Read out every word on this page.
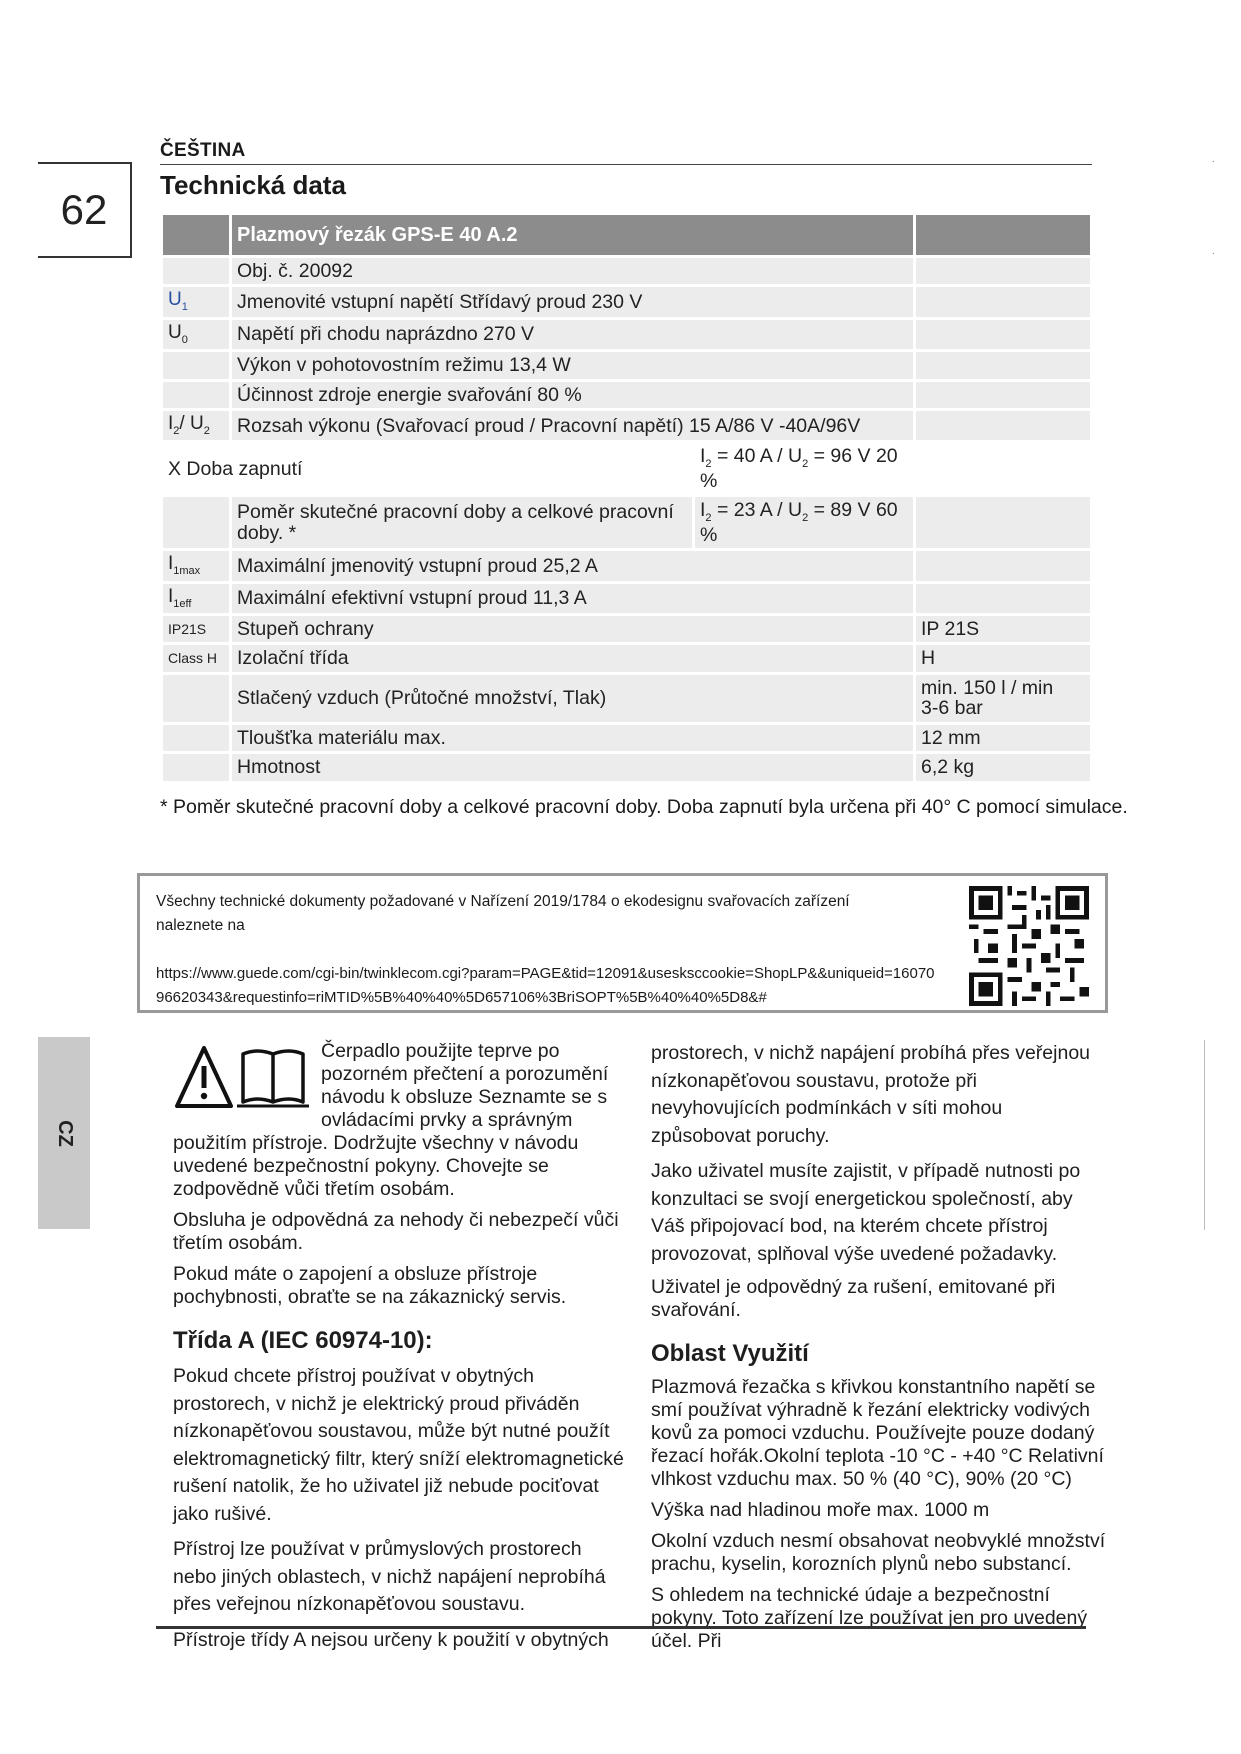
62
·
·
ČEŠTINA
Technická data
	Plazmový řezák GPS-E 40 A.2		
	Obj. č. 20092		
$U_1$	Jmenovité vstupní napětí Střídavý proud 230 V		
$U_0$	Napětí při chodu naprázdno 270 V		
	Výkon v pohotovostním režimu 13,4 W		
	Účinnost zdroje energie svařování 80 %		
$I_2/$ $U_2$	Rozsah výkonu (Svařovací proud / Pracovní napětí) 15 A/86 V -40A/96V		
X Doba zapnutí		$I_2 = 40$ $A / U_2 = 96$ V 20 %	
	Poměr skutečné pracovní doby a celkové pracovní doby. *	$I_2 = 23$ $A / U_2 = 89$ V 60 %	
$I_{1max}$	Maximální jmenovitý vstupní proud 25,2 A		
$I_{1eff}$	Maximální efektivní vstupní proud 11,3 A		
IP21S	Stupeň ochrany		IP 21S
Class H	Izolační třída		H
	Stlačený vzduch (Průtočné množství, Tlak)		min. 150 l / min
3-6 bar

	Tloušťka materiálu max.		12 mm
	Hmotnost		6,2 kg
* Poměr skutečné pracovní doby a celkové pracovní doby. Doba zapnutí byla určena při 40° C pomocí simulace.
Všechny technické dokumenty požadované v Nařízení 2019/1784 o ekodesignu svařovacích zařízení naleznete na
https://www.guede.com/cgi-bin/twinklecom.cgi?param=PAGE&tid=12091&usesksccookie=ShopLP&&uniqueid=1607096620343&requestinfo=riMTID%5B%40%40%5D657106%3BriSOPT%5B%40%40%5D8&#
CZ
Čerpadlo použijte teprve po pozorném přečtení a porozumění návodu k obsluze Seznamte se s ovládacími prvky a správným použitím přístroje. Dodržujte všechny v návodu uvedené bezpečnostní pokyny. Chovejte se zodpovědně vůči třetím osobám.

Obsluha je odpovědná za nehody či nebezpečí vůči třetím osobám.

Pokud máte o zapojení a obsluze přístroje pochybnosti, obraťte se na zákaznický servis.

Třída A (IEC 60974-10):

Pokud chcete přístroj používat v obytných prostorech, v nichž je elektrický proud přiváděn nízkonapěťovou soustavou, může být nutné použít elektromagnetický filtr, který sníží elektromagnetické rušení natolik, že ho uživatel již nebude pociťovat jako rušivé.

Přístroj lze používat v průmyslových prostorech nebo jiných oblastech, v nichž napájení neprobíhá přes veřejnou nízkonapěťovou soustavu.

Přístroje třídy A nejsou určeny k použití v obytných

prostorech, v nichž napájení probíhá přes veřejnou nízkonapěťovou soustavu, protože při nevyhovujících podmínkách v síti mohou způsobovat poruchy.

Jako uživatel musíte zajistit, v případě nutnosti po konzultaci se svojí energetickou společností, aby Váš připojovací bod, na kterém chcete přístroj provozovat, splňoval výše uvedené požadavky.

Uživatel je odpovědný za rušení, emitované při svařování.

Oblast Využití

Plazmová řezačka s křivkou konstantního napětí se smí používat výhradně k řezání elektricky vodivých kovů za pomoci vzduchu. Používejte pouze dodaný řezací hořák.Okolní teplota -10 °C - +40 °C Relativní vlhkost vzduchu max. 50 % (40 °C), 90% (20 °C)

Výška nad hladinou moře max. 1000 m

Okolní vzduch nesmí obsahovat neobvyklé množství prachu, kyselin, korozních plynů nebo substancí.

S ohledem na technické údaje a bezpečnostní pokyny. Toto zařízení lze používat jen pro uvedený účel. Při
